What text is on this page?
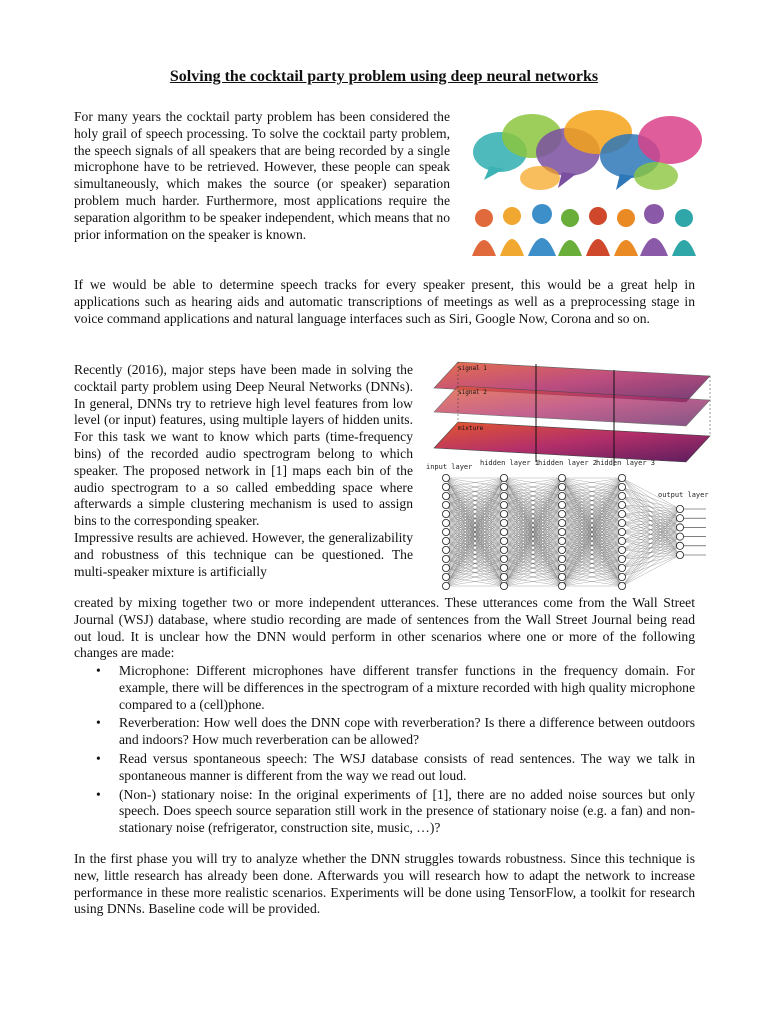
Solving the cocktail party problem using deep neural networks

For many years the cocktail party problem has been considered the holy grail of speech processing. To solve the cocktail party problem, the speech signals of all speakers that are being recorded by a single microphone have to be retrieved. However, these people can speak simultaneously, which makes the source (or speaker) separation problem much harder. Furthermore, most applications require the separation algorithm to be speaker independent, which means that no prior information on the speaker is known.

If we would be able to determine speech tracks for every speaker present, this would be a great help in applications such as hearing aids and automatic transcriptions of meetings as well as a preprocessing stage in voice command applications and natural language interfaces such as Siri, Google Now, Corona and so on.

Recently (2016), major steps have been made in solving the cocktail party problem using Deep Neural Networks (DNNs). In general, DNNs try to retrieve high level features from low level (or input) features, using multiple layers of hidden units. For this task we want to know which parts (time-frequency bins) of the recorded audio spectrogram belong to which speaker. The proposed network in [1] maps each bin of the audio spectrogram to a so called embedding space where afterwards a simple clustering mechanism is used to assign bins to the corresponding speaker.

Impressive results are achieved. However, the generalizability and robustness of this technique can be questioned. The multi-speaker mixture is artificially

signal 1
signal 2
mixture
input layer hidden layer 1
hidden layer 2
hidden layer 3
output layer

created by mixing together two or more independent utterances. These utterances come from the Wall Street Journal (WSJ) database, where studio recording are made of sentences from the Wall Street Journal being read out loud. It is unclear how the DNN would perform in other scenarios where one or more of the following changes are made:

• Microphone: Different microphones have different transfer functions in the frequency domain. For example, there will be differences in the spectrogram of a mixture recorded with high quality microphone compared to a (cell)phone.
• Reverberation: How well does the DNN cope with reverberation? Is there a difference between outdoors and indoors? How much reverberation can be allowed?
• Read versus spontaneous speech: The WSJ database consists of read sentences. The way we talk in spontaneous manner is different from the way we read out loud.
• (Non-) stationary noise: In the original experiments of [1], there are no added noise sources but only speech. Does speech source separation still work in the presence of stationary noise (e.g. a fan) and non-stationary noise (refrigerator, construction site, music, …)?

In the first phase you will try to analyze whether the DNN struggles towards robustness. Since this technique is new, little research has already been done. Afterwards you will research how to adapt the network to increase performance in these more realistic scenarios. Experiments will be done using TensorFlow, a toolkit for research using DNNs. Baseline code will be provided.
